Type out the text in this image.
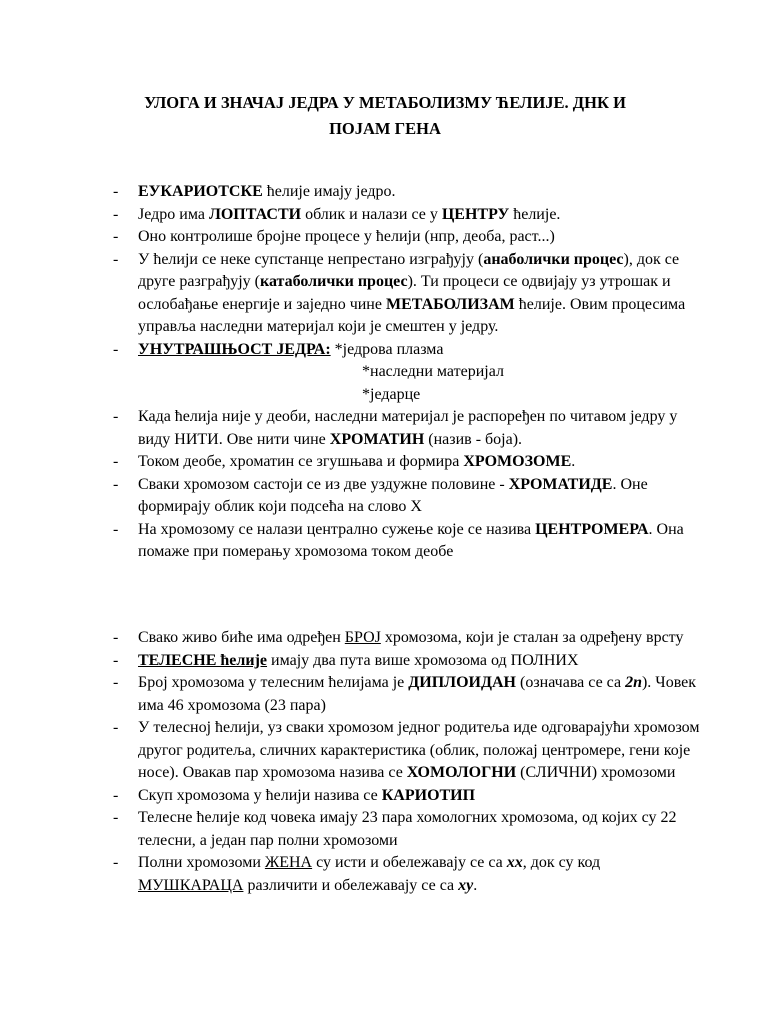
УЛОГА И ЗНАЧАЈ ЈЕДРА У МЕТАБОЛИЗМУ ЋЕЛИЈЕ. ДНК И
ПОЈАМ ГЕНА
- ЕУКАРИОТСКЕ ћелије имају једро.
- Једро има ЛОПТАСТИ облик и налази се у ЦЕНТРУ ћелије.
- Оно контролише бројне процесе у ћелији (нпр, деоба, раст...)
- У ћелији се неке супстанце непрестано изграђују (анаболички процес), док се друге разграђују (катаболички процес). Ти процеси се одвијају уз утрошак и ослобађање енергије и заједно чине МЕТАБОЛИЗАМ ћелије. Овим процесима управља наследни материјал који је смештен у једру.
- УНУТРАШЊОСТ ЈЕДРА: *једрова плазма
*наследни материјал
*једарце
- Када ћелија није у деоби, наследни материјал је распоређен по читавом једру у виду НИТИ. Ове нити чине ХРОМАТИН (назив - боја).
- Током деобе, хроматин се згушњава и формира ХРОМОЗОМЕ.
- Сваки хромозом састоји се из две уздужне половине - ХРОМАТИДЕ. Оне формирају облик који подсећа на слово X
- На хромозому се налази централно сужење које се назива ЦЕНТРОМЕРА. Она помаже при померању хромозома током деобе
- Свако живо биће има одређен БРОЈ хромозома, који је сталан за одређену врсту
- ТЕЛЕСНЕ ћелије имају два пута више хромозома од ПОЛНИХ
- Број хромозома у телесним ћелијама је ДИПЛОИДАН (означава се са 2n). Човек има 46 хромозома (23 пара)
- У телесној ћелији, уз сваки хромозом једног родитеља иде одговарајући хромозом другог родитеља, сличних карактеристика (облик, положај центромере, гени које носе). Овакав пар хромозома назива се ХОМОЛОГНИ (СЛИЧНИ) хромозоми
- Скуп хромозома у ћелији назива се КАРИОТИП
- Телесне ћелије код човека имају 23 пара хомологних хромозома, од којих су 22 телесни, а један пар полни хромозоми
- Полни хромозоми ЖЕНА су исти и обележавају се са xx, док су код МУШКАРАЦА различити и обележавају се са xy.
